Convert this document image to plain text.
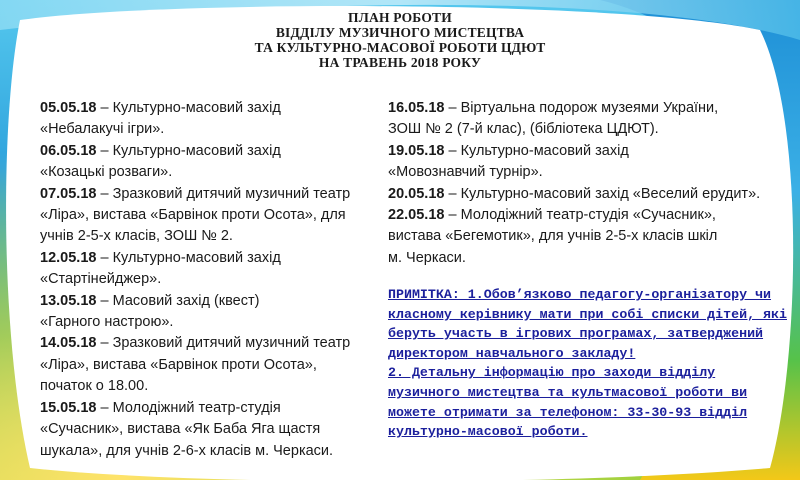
ПЛАН РОБОТИ
ВІДДІЛУ МУЗИЧНОГО МИСТЕЦТВА
ТА КУЛЬТУРНО-МАСОВОЇ РОБОТИ ЦДЮТ
НА ТРАВЕНЬ 2018 РОКУ

05.05.18 – Культурно-масовий захід
«Небалакучі ігри».

06.05.18 – Культурно-масовий захід
«Козацькі розваги».

07.05.18 – Зразковий дитячий музичний театр
«Ліра», вистава «Барвінок проти Осота», для
учнів 2-5-х класів, ЗОШ № 2.

12.05.18 – Культурно-масовий захід
«Стартінейджер».

13.05.18 – Масовий захід (квест)
«Гарного настрою».

14.05.18 – Зразковий дитячий музичний театр
«Ліра», вистава «Барвінок проти Осота»,
початок о 18.00.

15.05.18 – Молодіжний театр-студія
«Сучасник», вистава «Як Баба Яга щастя
шукала», для учнів 2-6-х класів м. Черкаси.

16.05.18 – Віртуальна подорож музеями України,
ЗОШ № 2 (7-й клас), (бібліотека ЦДЮТ).

19.05.18 – Культурно-масовий захід
«Мовознавчий турнір».

20.05.18 – Культурно-масовий захід «Веселий ерудит».

22.05.18 – Молодіжний театр-студія «Сучасник»,
вистава «Бегемотик», для учнів 2-5-х класів шкіл
м. Черкаси.

ПРИМІТКА: 1.Обов’язково педагогу-організатору чи
класному керівнику мати при собі списки дітей, які
беруть участь в ігрових програмах, затверджений
директором навчального закладу!
2. Детальну інформацію про заходи відділу
музичного мистецтва та культмасової роботи ви
можете отримати за телефоном: 33-30-93 відділ
культурно-масової роботи.
